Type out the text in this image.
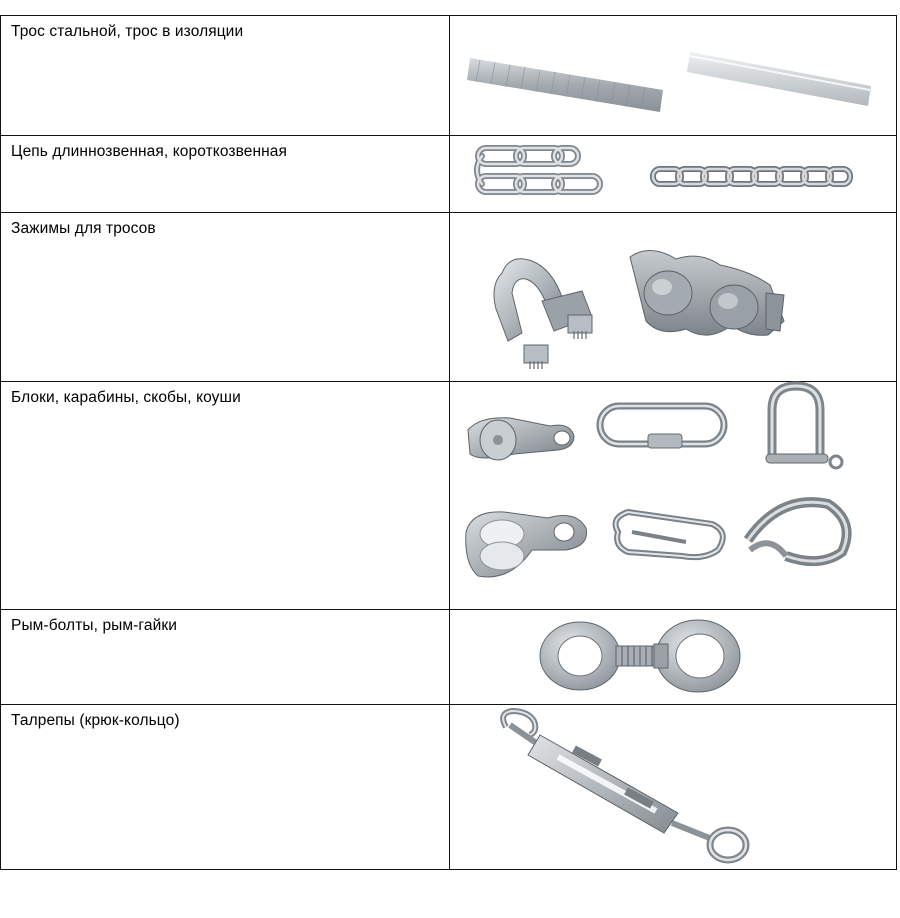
Трос стальной, трос в изоляции

Цепь длиннозвенная, короткозвенная

Зажимы для тросов

Блоки, карабины, скобы, коуши

Рым-болты, рым-гайки

Талрепы (крюк-кольцо)
